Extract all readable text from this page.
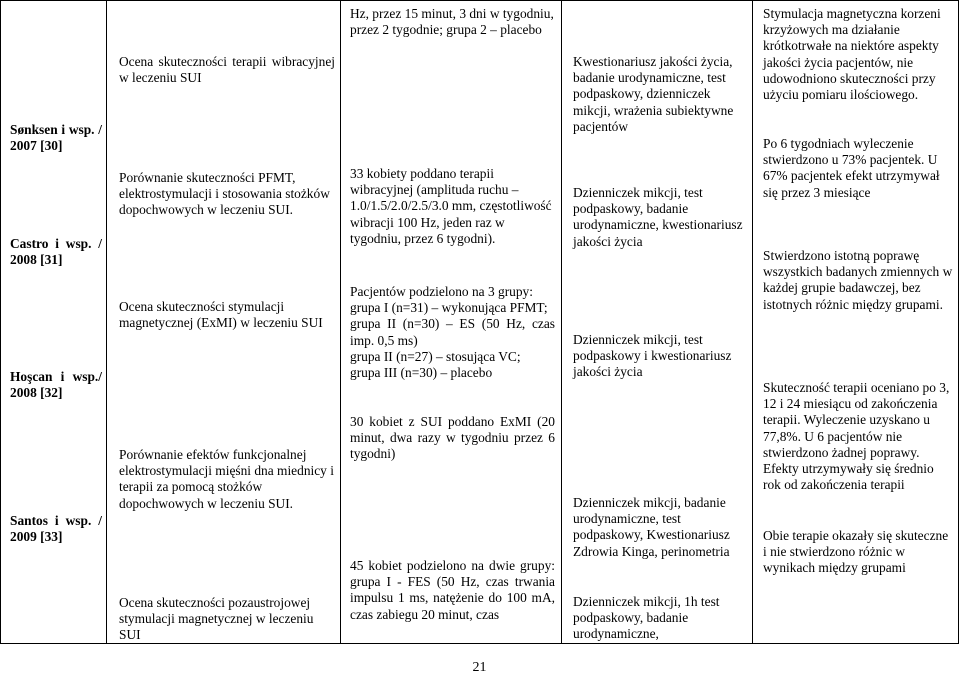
Sønksen i wsp. / 2007 [30]

Castro i wsp. / 2008 [31]

Hoşcan i wsp./ 2008 [32]

Santos i wsp. / 2009 [33]

Ocena skuteczności terapii wibracyjnej w leczeniu SUI

Porównanie skuteczności PFMT, elektrostymulacji i stosowania stożków dopochwowych w leczeniu SUI.

Ocena skuteczności stymulacji magnetycznej (ExMI) w leczeniu SUI

Porównanie efektów funkcjonalnej elektrostymulacji mięśni dna miednicy i terapii za pomocą stożków dopochwowych w leczeniu SUI.

Ocena skuteczności pozaustrojowej stymulacji magnetycznej w leczeniu SUI

Hz, przez 15 minut, 3 dni w tygodniu, przez 2 tygodnie; grupa 2 – placebo

33 kobiety poddano terapii wibracyjnej (amplituda ruchu – 1.0/1.5/2.0/2.5/3.0 mm, częstotliwość wibracji 100 Hz, jeden raz w tygodniu, przez 6 tygodni).

Pacjentów podzielono na 3 grupy:
grupa I (n=31) – wykonująca PFMT;
grupa II (n=30) – ES (50 Hz, czas imp. 0,5 ms)
grupa II (n=27) – stosująca VC;
grupa III (n=30) – placebo

30 kobiet z SUI poddano ExMI (20 minut, dwa razy w tygodniu przez 6 tygodni)

45 kobiet podzielono na dwie grupy: grupa I - FES (50 Hz, czas trwania impulsu 1 ms, natężenie do 100 mA, czas zabiegu 20 minut, czas

Kwestionariusz jakości życia, badanie urodynamiczne, test podpaskowy, dzienniczek mikcji, wrażenia subiektywne pacjentów

Dzienniczek mikcji, test podpaskowy, badanie urodynamiczne, kwestionariusz jakości życia

Dzienniczek mikcji, test podpaskowy i kwestionariusz jakości życia

Dzienniczek mikcji, badanie urodynamiczne, test podpaskowy, Kwestionariusz Zdrowia Kinga, perinometria

Dzienniczek mikcji, 1h test podpaskowy, badanie urodynamiczne,

Stymulacja magnetyczna korzeni krzyżowych ma działanie krótkotrwałe na niektóre aspekty jakości życia pacjentów, nie udowodniono skuteczności przy użyciu pomiaru ilościowego.

Po 6 tygodniach wyleczenie stwierdzono u 73% pacjentek. U 67% pacjentek efekt utrzymywał się przez 3 miesiące

Stwierdzono istotną poprawę wszystkich badanych zmiennych w każdej grupie badawczej, bez istotnych różnic między grupami.

Skuteczność terapii oceniano po 3, 12 i 24 miesiącu od zakończenia terapii. Wyleczenie uzyskano u 77,8%. U 6 pacjentów nie stwierdzono żadnej poprawy. Efekty utrzymywały się średnio rok od zakończenia terapii

Obie terapie okazały się skuteczne i nie stwierdzono różnic w wynikach między grupami

21
